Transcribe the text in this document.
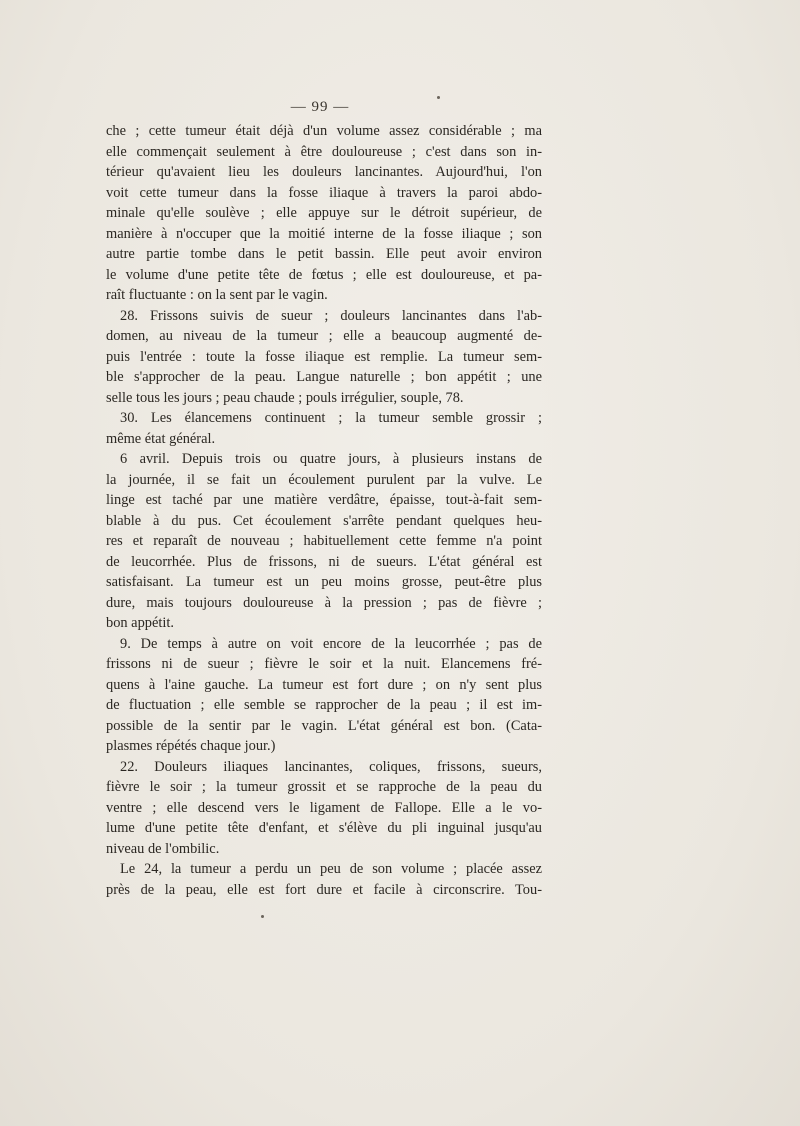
— 99 —
che ; cette tumeur était déjà d'un volume assez considérable ; ma
elle commençait seulement à être douloureuse ; c'est dans son in-
térieur qu'avaient lieu les douleurs lancinantes. Aujourd'hui, l'on
voit cette tumeur dans la fosse iliaque à travers la paroi abdo-
minale qu'elle soulève ; elle appuye sur le détroit supérieur, de
manière à n'occuper que la moitié interne de la fosse iliaque ; son
autre partie tombe dans le petit bassin. Elle peut avoir environ
le volume d'une petite tête de fœtus ; elle est douloureuse, et pa-
raît fluctuante : on la sent par le vagin.
28. Frissons suivis de sueur ; douleurs lancinantes dans l'ab-
domen, au niveau de la tumeur ; elle a beaucoup augmenté de-
puis l'entrée : toute la fosse iliaque est remplie. La tumeur sem-
ble s'approcher de la peau. Langue naturelle ; bon appétit ; une
selle tous les jours ; peau chaude ; pouls irrégulier, souple, 78.
30. Les élancemens continuent ; la tumeur semble grossir ;
même état général.
6 avril. Depuis trois ou quatre jours, à plusieurs instans de
la journée, il se fait un écoulement purulent par la vulve. Le
linge est taché par une matière verdâtre, épaisse, tout-à-fait sem-
blable à du pus. Cet écoulement s'arrête pendant quelques heu-
res et reparaît de nouveau ; habituellement cette femme n'a point
de leucorrhée. Plus de frissons, ni de sueurs. L'état général est
satisfaisant. La tumeur est un peu moins grosse, peut-être plus
dure, mais toujours douloureuse à la pression ; pas de fièvre ;
bon appétit.
9. De temps à autre on voit encore de la leucorrhée ; pas de
frissons ni de sueur ; fièvre le soir et la nuit. Elancemens fré-
quens à l'aine gauche. La tumeur est fort dure ; on n'y sent plus
de fluctuation ; elle semble se rapprocher de la peau ; il est im-
possible de la sentir par le vagin. L'état général est bon. (Cata-
plasmes répétés chaque jour.)
22. Douleurs iliaques lancinantes, coliques, frissons, sueurs,
fièvre le soir ; la tumeur grossit et se rapproche de la peau du
ventre ; elle descend vers le ligament de Fallope. Elle a le vo-
lume d'une petite tête d'enfant, et s'élève du pli inguinal jusqu'au
niveau de l'ombilic.
Le 24, la tumeur a perdu un peu de son volume ; placée assez
près de la peau, elle est fort dure et facile à circonscrire. Tou-
